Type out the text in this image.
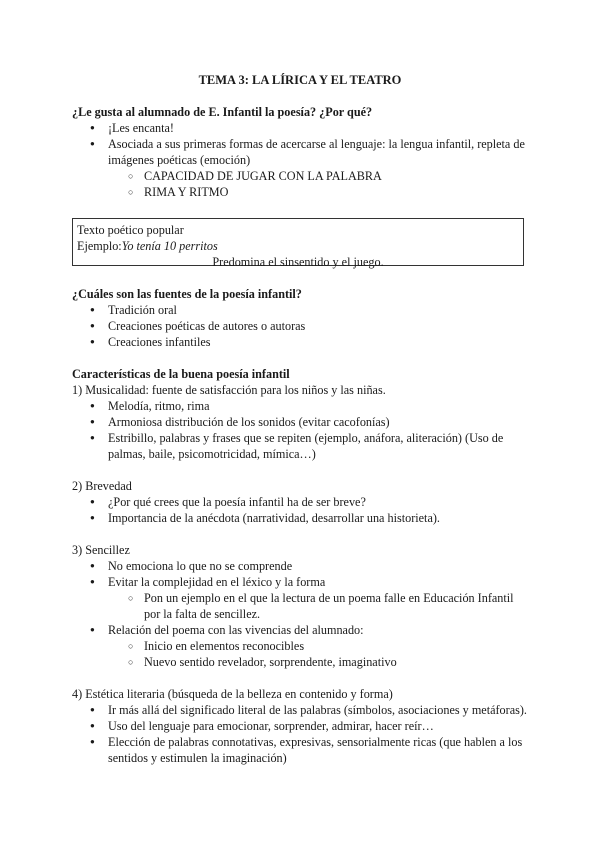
TEMA 3: LA LÍRICA Y EL TEATRO
¿Le gusta al alumnado de E. Infantil la poesía? ¿Por qué?
● ¡Les encanta!
● Asociada a sus primeras formas de acercarse al lenguaje: la lengua infantil, repleta de imágenes poéticas (emoción)
○ CAPACIDAD DE JUGAR CON LA PALABRA
○ RIMA Y RITMO
Texto poético popular
Ejemplo:Yo tenía 10 perritos
Predomina el sinsentido y el juego.
¿Cuáles son las fuentes de la poesía infantil?
● Tradición oral
● Creaciones poéticas de autores o autoras
● Creaciones infantiles
Características de la buena poesía infantil
1) Musicalidad: fuente de satisfacción para los niños y las niñas.
● Melodía, ritmo, rima
● Armoniosa distribución de los sonidos (evitar cacofonías)
● Estribillo, palabras y frases que se repiten (ejemplo, anáfora, aliteración) (Uso de palmas, baile, psicomotricidad, mímica…)
2) Brevedad
● ¿Por qué crees que la poesía infantil ha de ser breve?
● Importancia de la anécdota (narratividad, desarrollar una historieta).
3) Sencillez
● No emociona lo que no se comprende
● Evitar la complejidad en el léxico y la forma
○ Pon un ejemplo en el que la lectura de un poema falle en Educación Infantil por la falta de sencillez.
● Relación del poema con las vivencias del alumnado:
○ Inicio en elementos reconocibles
○ Nuevo sentido revelador, sorprendente, imaginativo
4) Estética literaria (búsqueda de la belleza en contenido y forma)
● Ir más allá del significado literal de las palabras (símbolos, asociaciones y metáforas).
● Uso del lenguaje para emocionar, sorprender, admirar, hacer reír…
● Elección de palabras connotativas, expresivas, sensorialmente ricas (que hablen a los sentidos y estimulen la imaginación)
